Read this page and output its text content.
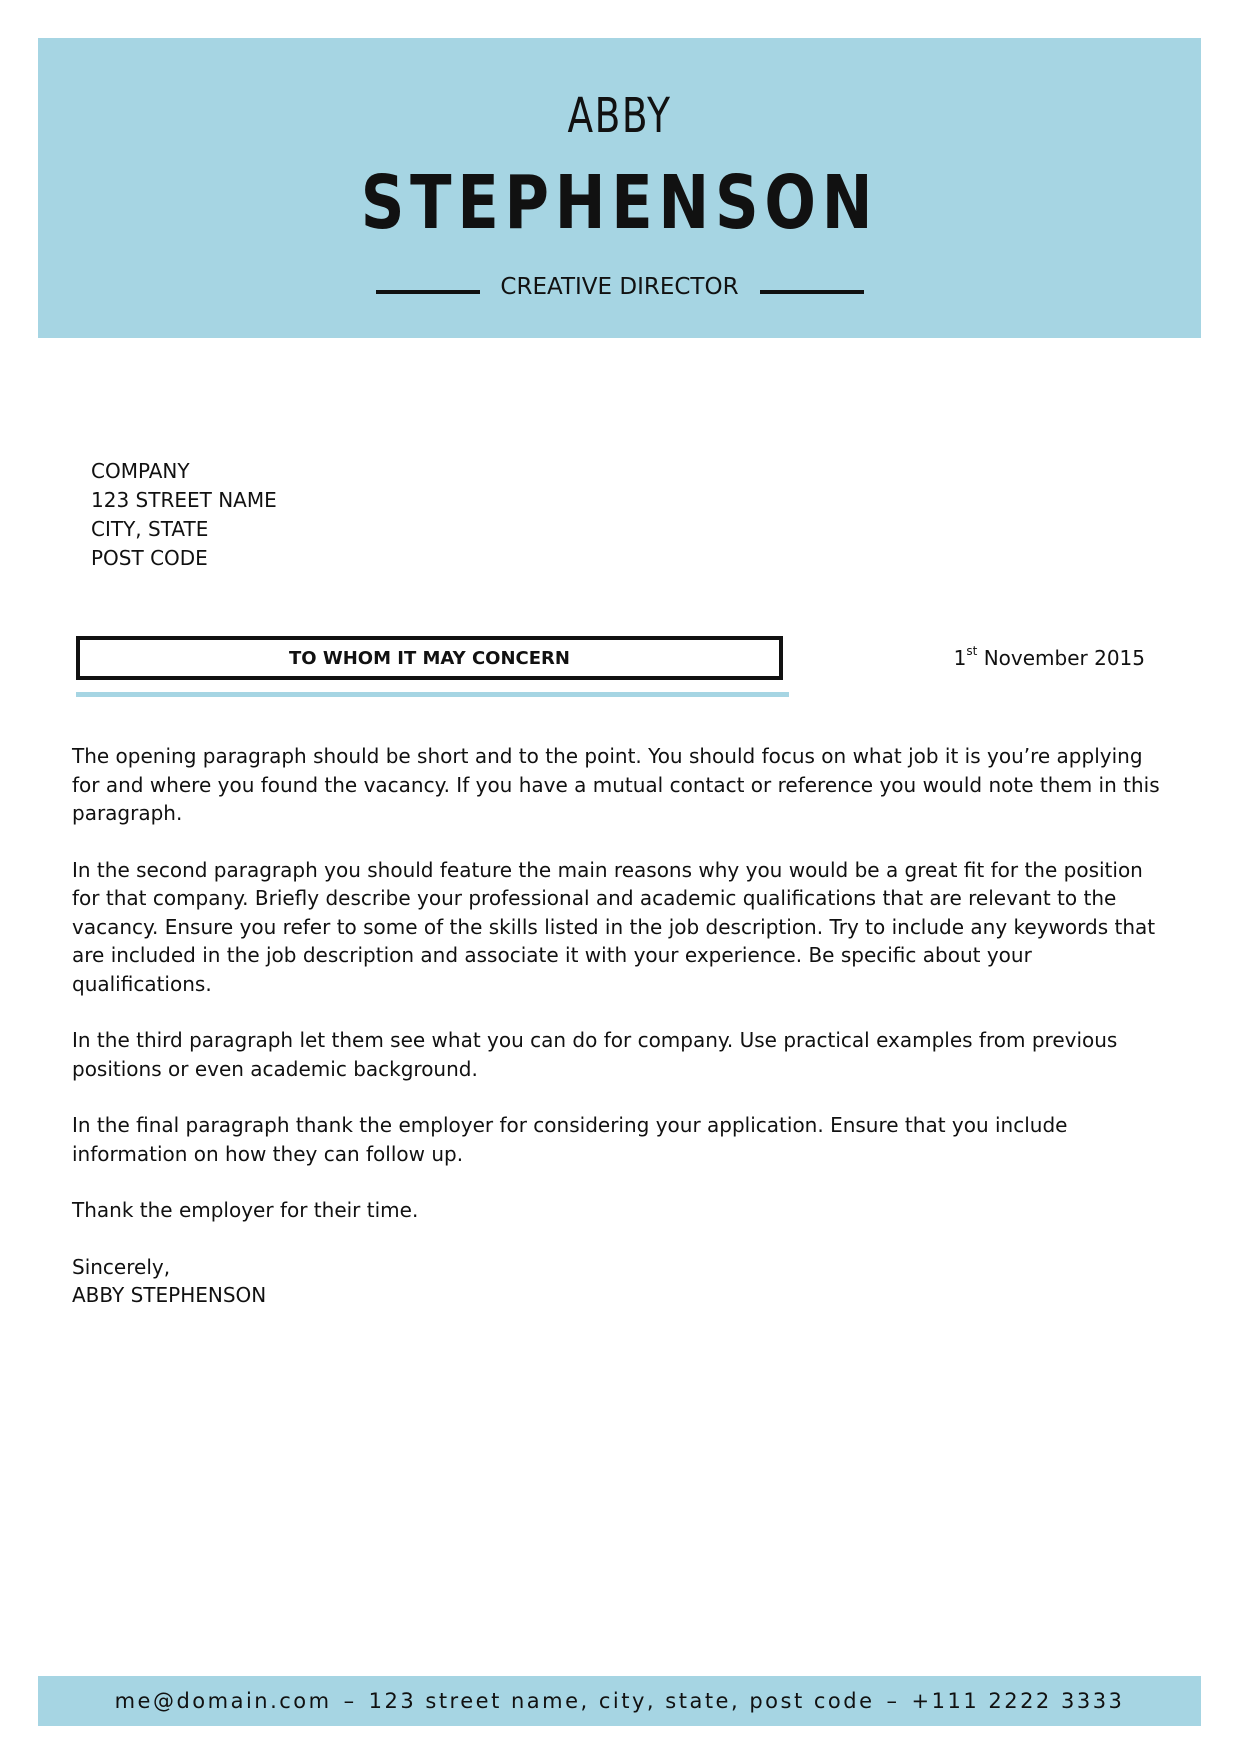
ABBY
STEPHENSON
CREATIVE DIRECTOR
COMPANY
123 STREET NAME
CITY, STATE
POST CODE
TO WHOM IT MAY CONCERN	1st November 2015

The opening paragraph should be short and to the point. You should focus on what job it is you’re applying for and where you found the vacancy. If you have a mutual contact or reference you would note them in this paragraph.

In the second paragraph you should feature the main reasons why you would be a great fit for the position for that company. Briefly describe your professional and academic qualifications that are relevant to the vacancy. Ensure you refer to some of the skills listed in the job description. Try to include any keywords that are included in the job description and associate it with your experience. Be specific about your qualifications.

In the third paragraph let them see what you can do for company. Use practical examples from previous positions or even academic background.

In the final paragraph thank the employer for considering your application. Ensure that you include information on how they can follow up.

Thank the employer for their time.

Sincerely,
ABBY STEPHENSON
me@domain.com – 123 street name, city, state, post code – +111 2222 3333
